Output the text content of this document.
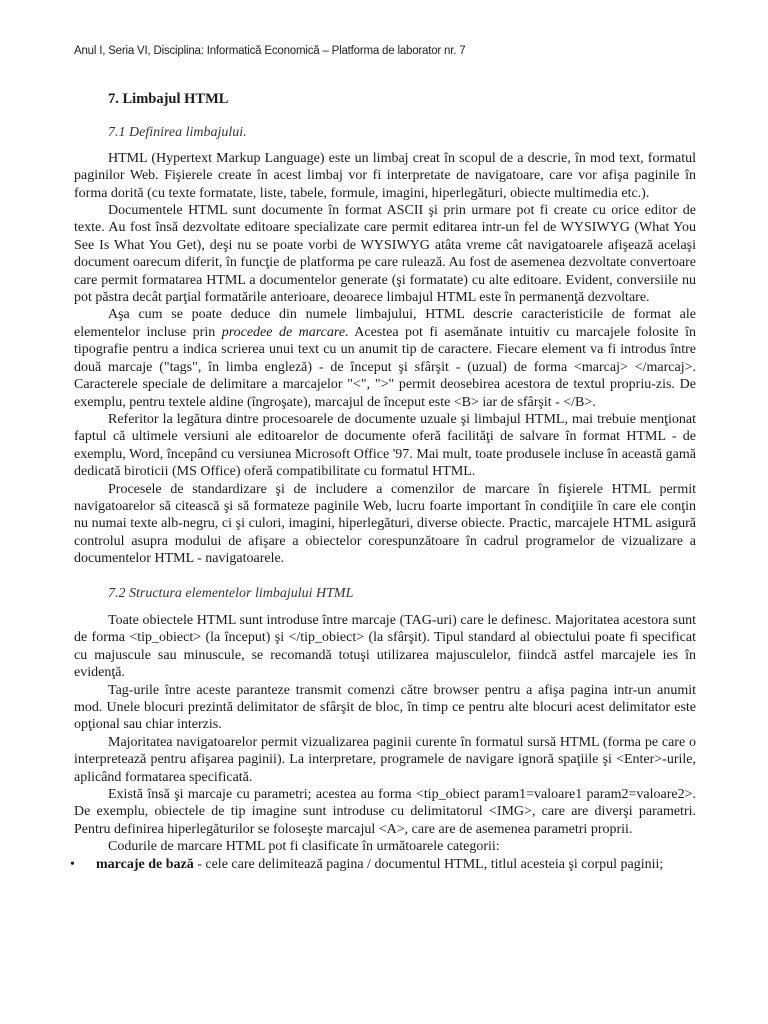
Anul I, Seria VI, Disciplina: Informatică Economică – Platforma de laborator nr. 7
7. Limbajul HTML
7.1 Definirea limbajului.

HTML (Hypertext Markup Language) este un limbaj creat în scopul de a descrie, în mod text, formatul paginilor Web. Fişierele create în acest limbaj vor fi interpretate de navigatoare, care vor afişa paginile în forma dorită (cu texte formatate, liste, tabele, formule, imagini, hiperlegături, obiecte multimedia etc.).

Documentele HTML sunt documente în format ASCII şi prin urmare pot fi create cu orice editor de texte. Au fost însă dezvoltate editoare specializate care permit editarea intr-un fel de WYSIWYG (What You See Is What You Get), deşi nu se poate vorbi de WYSIWYG atâta vreme cât navigatoarele afişează acelaşi document oarecum diferit, în funcţie de platforma pe care rulează. Au fost de asemenea dezvoltate convertoare care permit formatarea HTML a documentelor generate (şi formatate) cu alte editoare. Evident, conversiile nu pot păstra decât parţial formatările anterioare, deoarece limbajul HTML este în permanenţă dezvoltare.

Aşa cum se poate deduce din numele limbajului, HTML descrie caracteristicile de format ale elementelor incluse prin procedee de marcare. Acestea pot fi asemănate intuitiv cu marcajele folosite în tipografie pentru a indica scrierea unui text cu un anumit tip de caractere. Fiecare element va fi introdus între două marcaje ("tags", în limba engleză) - de început şi sfârşit - (uzual) de forma <marcaj> </marcaj>. Caracterele speciale de delimitare a marcajelor "<", ">" permit deosebirea acestora de textul propriu-zis. De exemplu, pentru textele aldine (îngroşate), marcajul de început este <B> iar de sfârşit - </B>.

Referitor la legătura dintre procesoarele de documente uzuale şi limbajul HTML, mai trebuie menţionat faptul că ultimele versiuni ale editoarelor de documente oferă facilităţi de salvare în format HTML - de exemplu, Word, începând cu versiunea Microsoft Office '97. Mai mult, toate produsele incluse în această gamă dedicată biroticii (MS Office) oferă compatibilitate cu formatul HTML.

Procesele de standardizare şi de includere a comenzilor de marcare în fişierele HTML permit navigatoarelor să citească şi să formateze paginile Web, lucru foarte important în condiţiile în care ele conţin nu numai texte alb-negru, ci şi culori, imagini, hiperlegături, diverse obiecte. Practic, marcajele HTML asigură controlul asupra modului de afişare a obiectelor corespunzătoare în cadrul programelor de vizualizare a documentelor HTML - navigatoarele.

7.2 Structura elementelor limbajului HTML

Toate obiectele HTML sunt introduse între marcaje (TAG-uri) care le definesc. Majoritatea acestora sunt de forma <tip_obiect> (la început) şi </tip_obiect> (la sfârşit). Tipul standard al obiectului poate fi specificat cu majuscule sau minuscule, se recomandă totuşi utilizarea majusculelor, fiindcă astfel marcajele ies în evidenţă.

Tag-urile între aceste paranteze transmit comenzi către browser pentru a afişa pagina intr-un anumit mod. Unele blocuri prezintă delimitator de sfârşit de bloc, în timp ce pentru alte blocuri acest delimitator este opţional sau chiar interzis.

Majoritatea navigatoarelor permit vizualizarea paginii curente în formatul sursă HTML (forma pe care o interpretează pentru afişarea paginii). La interpretare, programele de navigare ignoră spaţiile şi <Enter>-urile, aplicând formatarea specificată.

Există însă şi marcaje cu parametri; acestea au forma <tip_obiect param1=valoare1 param2=valoare2>. De exemplu, obiectele de tip imagine sunt introduse cu delimitatorul <IMG>, care are diverşi parametri. Pentru definirea hiperlegăturilor se foloseşte marcajul <A>, care are de asemenea parametri proprii.

Codurile de marcare HTML pot fi clasificate în următoarele categorii:

• marcaje de bază - cele care delimitează pagina / documentul HTML, titlul acesteia şi corpul paginii;
